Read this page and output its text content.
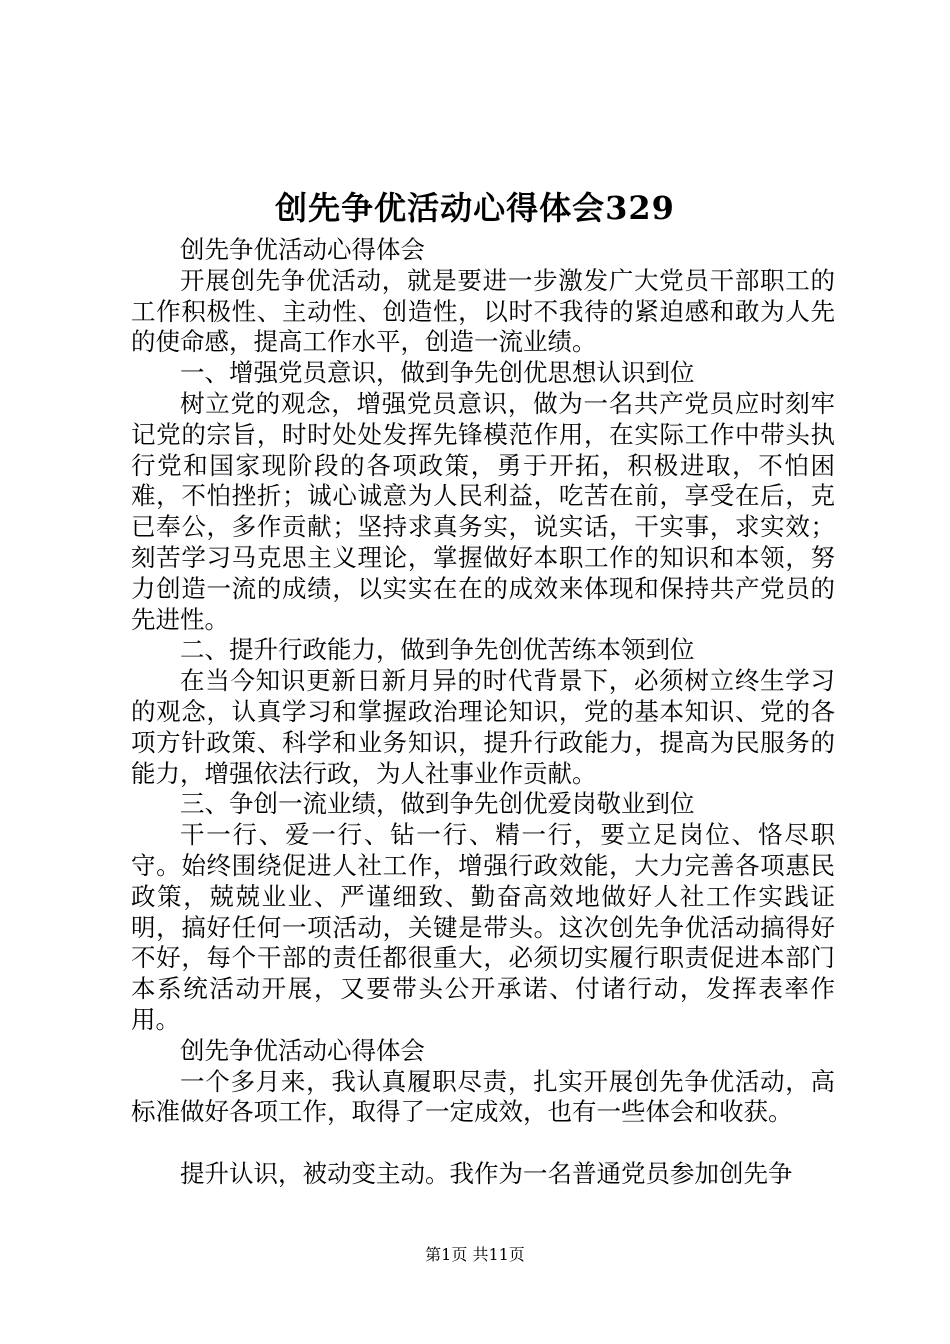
创先争优活动心得体会329

创先争优活动心得体会

开展创先争优活动，就是要进一步激发广大党员干部职工的工作积极性、主动性、创造性，以时不我待的紧迫感和敢为人先的使命感，提高工作水平，创造一流业绩。

一、增强党员意识，做到争先创优思想认识到位

树立党的观念，增强党员意识，做为一名共产党员应时刻牢记党的宗旨，时时处处发挥先锋模范作用，在实际工作中带头执行党和国家现阶段的各项政策，勇于开拓，积极进取，不怕困难，不怕挫折；诚心诚意为人民利益，吃苦在前，享受在后，克已奉公，多作贡献；坚持求真务实，说实话，干实事，求实效；刻苦学习马克思主义理论，掌握做好本职工作的知识和本领，努力创造一流的成绩，以实实在在的成效来体现和保持共产党员的先进性。

二、提升行政能力，做到争先创优苦练本领到位

在当今知识更新日新月异的时代背景下，必须树立终生学习的观念，认真学习和掌握政治理论知识，党的基本知识、党的各项方针政策、科学和业务知识，提升行政能力，提高为民服务的能力，增强依法行政，为人社事业作贡献。

三、争创一流业绩，做到争先创优爱岗敬业到位

干一行、爱一行、钻一行、精一行，要立足岗位、恪尽职守。始终围绕促进人社工作，增强行政效能，大力完善各项惠民政策，兢兢业业、严谨细致、勤奋高效地做好人社工作实践证明，搞好任何一项活动，关键是带头。这次创先争优活动搞得好不好，每个干部的责任都很重大，必须切实履行职责促进本部门本系统活动开展，又要带头公开承诺、付诸行动，发挥表率作用。

创先争优活动心得体会

一个多月来，我认真履职尽责，扎实开展创先争优活动，高标准做好各项工作，取得了一定成效，也有一些体会和收获。

提升认识，被动变主动。我作为一名普通党员参加创先争

第1页 共11页
